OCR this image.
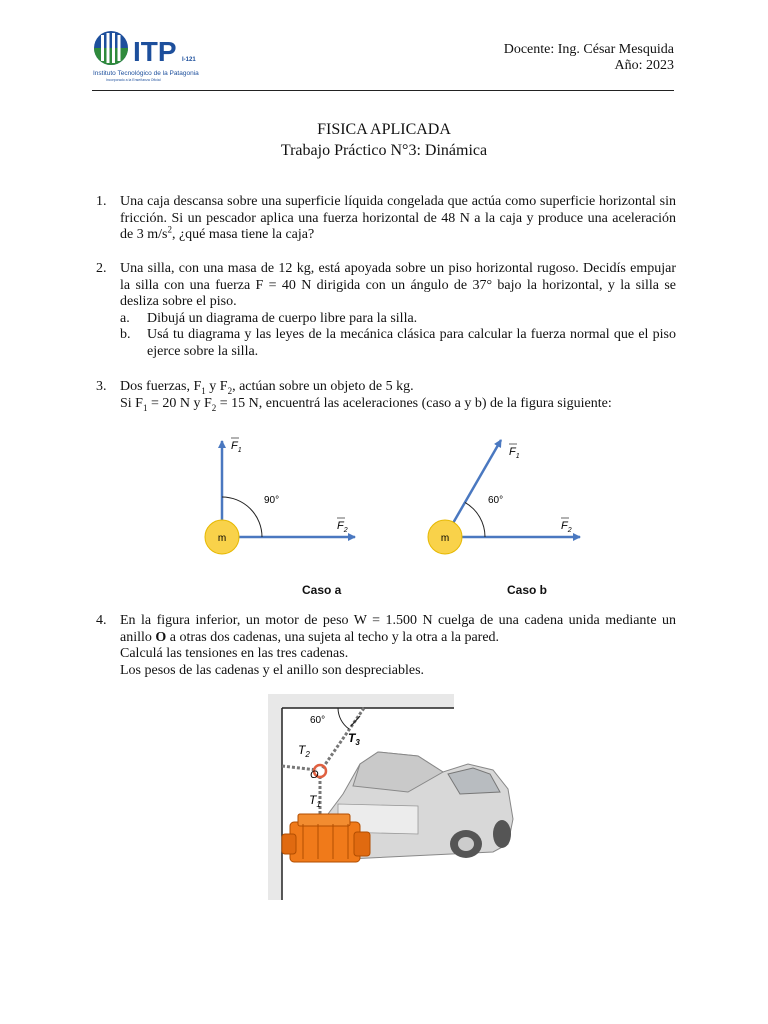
ITP I-121
Instituto Tecnológico de la Patagonia
Incorporado a la Enseñanza Oficial
Docente: Ing. César Mesquida
Año: 2023
FISICA APLICADA
Trabajo Práctico N°3: Dinámica
1. Una caja descansa sobre una superficie líquida congelada que actúa como superficie horizontal sin fricción. Si un pescador aplica una fuerza horizontal de 48 N a la caja y produce una aceleración de 3 $m/s^2$, ¿qué masa tiene la caja?
2. Una silla, con una masa de 12 kg, está apoyada sobre un piso horizontal rugoso. Decidís empujar la silla con una fuerza F = 40 N dirigida con un ángulo de 37° bajo la horizontal, y la silla se desliza sobre el piso.
a. Dibujá un diagrama de cuerpo libre para la silla.
b. Usá tu diagrama y las leyes de la mecánica clásica para calcular la fuerza normal que el piso ejerce sobre la silla.
3. Dos fuerzas, $F_1$ y $F_2$, actúan sobre un objeto de 5 kg.
Si $F_1 = 20$ N y $F_2 = 15$ N, encuentrá las aceleraciones (caso a y b) de la figura siguiente:
m
90°
$F_1$
$F_2$
m
60°
$F_1$
$F_2$
Caso a	Caso b
4. En la figura inferior, un motor de peso W = 1.500 N cuelga de una cadena unida mediante un anillo O a otras dos cadenas, una sujeta al techo y la otra a la pared.
Calculá las tensiones en las tres cadenas.
Los pesos de las cadenas y el anillo son despreciables.
60°
$T_3$
$T_2$
O
$T_1$
